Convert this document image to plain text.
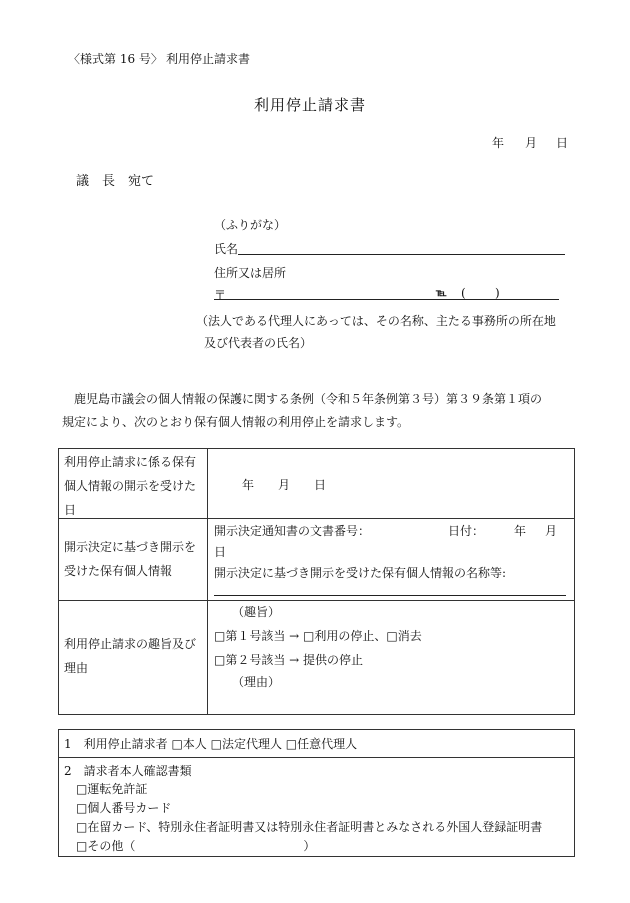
〈様式第 16 号〉 利用停止請求書
利用停止請求書
年 月 日
議　長　宛て
（ふりがな）
氏名
住所又は居所
〒	℡ ( )
（法人である代理人にあっては、その名称、主たる事務所の所在地
及び代表者の氏名）
鹿児島市議会の個人情報の保護に関する条例（令和５年条例第３号）第３９条第１項の
規定により、次のとおり保有個人情報の利用停止を請求します。
利用停止請求に係る保有個人情報の開示を受けた日
年　　月　　日
開示決定に基づき開示を受けた保有個人情報
開示決定通知書の文書番号：	日付： 年 月
日
開示決定に基づき開示を受けた保有個人情報の名称等:
利用停止請求の趣旨及び理由
（趣旨）
□第１号該当 → □利用の停止、□消去
□第２号該当 → 提供の停止
（理由）
1　利用停止請求者 □本人 □法定代理人 □任意代理人
2　請求者本人確認書類
□運転免許証
□個人番号カード
□在留カード、特別永住者証明書又は特別永住者証明書とみなされる外国人登録証明書
□その他（　　　　　　　　　　　　　　）
